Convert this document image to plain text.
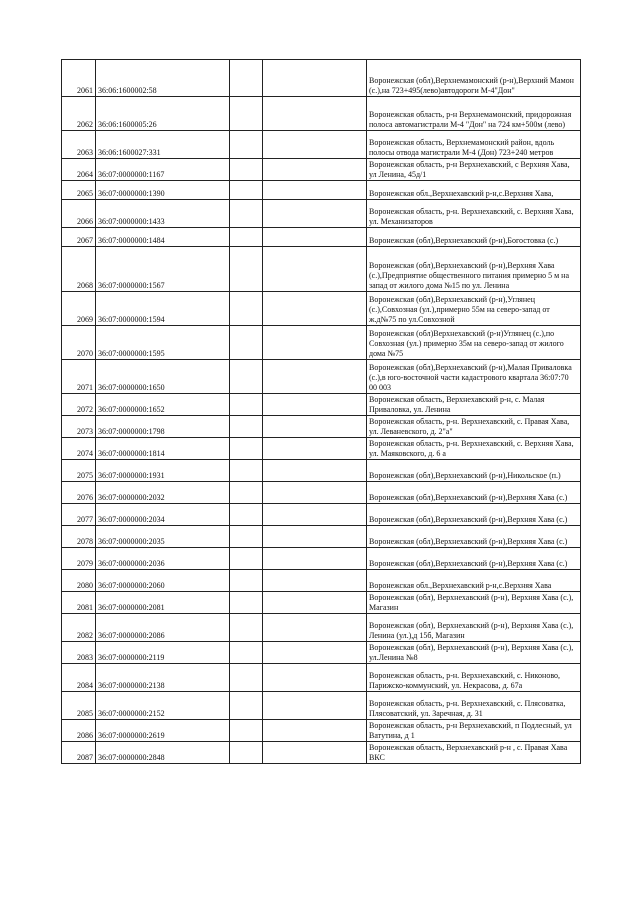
2061	36:06:1600002:58			Воронежская (обл),Верхнемамонский (р-н),Верхний Мамон (с.),на 723+495(лево)автодороги М-4"Дон"
2062	36:06:1600005:26			Воронежская область, р-н Верхнемамонский, придорожная полоса автомагистрали М-4 "Дон" на 724 км+500м (лево)
2063	36:06:1600027:331			Воронежская область, Верхнемамонский район, вдоль полосы отвода магистрали М-4 (Дон) 723+240 метров
2064	36:07:0000000:1167			Воронежская область, р-н Верхнехавский, с Верхняя Хава, ул Ленина, 45д/1
2065	36:07:0000000:1390			Воронежская обл.,Верхнехавский р-н,с.Верхняя Хава,
2066	36:07:0000000:1433			Воронежская область, р-н. Верхнехавский, с. Верхняя Хава, ул. Механизаторов
2067	36:07:0000000:1484			Воронежская (обл),Верхнехавский (р-н),Богостовка (с.)
2068	36:07:0000000:1567			Воронежская (обл),Верхнехавский (р-н),Верхняя Хава (с.),Предприятие общественного питания примерно 5 м на запад от жилого дома №15 по ул. Ленина
2069	36:07:0000000:1594			Воронежская (обл),Верхнехавский (р-н),Углянец (с.),Совхозная (ул.),примерно 55м на северо-запад от ж.д№75 по ул.Совхозной
2070	36:07:0000000:1595			Воронежская (обл)Верхнехавский (р-н)Углянец (с.),по Совхозная (ул.) примерно 35м на северо-запад от жилого дома №75
2071	36:07:0000000:1650			Воронежская (обл),Верхнехавский (р-н),Малая Приваловка (с.),в юго-восточной части кадастрового квартала 36:07:70 00 003
2072	36:07:0000000:1652			Воронежская область, Верхнехавский р-н, с. Малая Приваловка, ул. Ленина
2073	36:07:0000000:1798			Воронежская область, р-н. Верхнехавский, с. Правая Хава, ул. Леваневского, д. 2"а"
2074	36:07:0000000:1814			Воронежская область, р-н. Верхнехавский, с. Верхняя Хава, ул. Маяковского, д. 6 а
2075	36:07:0000000:1931			Воронежская (обл),Верхнехавский (р-н),Никольское (п.)
2076	36:07:0000000:2032			Воронежская (обл),Верхнехавский (р-н),Верхняя Хава (с.)
2077	36:07:0000000:2034			Воронежская (обл),Верхнехавский (р-н),Верхняя Хава (с.)
2078	36:07:0000000:2035			Воронежская (обл),Верхнехавский (р-н),Верхняя Хава (с.)
2079	36:07:0000000:2036			Воронежская (обл),Верхнехавский (р-н),Верхняя Хава (с.)
2080	36:07:0000000:2060			Воронежская обл.,Верхнехавский р-н,с.Верхняя Хава
2081	36:07:0000000:2081			Воронежская (обл), Верхнехавский (р-н), Верхняя Хава (с.), Магазин
2082	36:07:0000000:2086			Воронежская (обл), Верхнехавский (р-н), Верхняя Хава (с.), Ленина (ул.),д 15б, Магазин
2083	36:07:0000000:2119			Воронежская (обл), Верхнехавский (р-н), Верхняя Хава (с.), ул.Ленина №8
2084	36:07:0000000:2138			Воронежская область, р-н. Верхнехавский, с. Никоново, Парижско-коммунский, ул. Некрасова, д. 67а
2085	36:07:0000000:2152			Воронежская область, р-н. Верхнехавский, с. Плясоватка, Плясоватский, ул. Заречная, д. 31
2086	36:07:0000000:2619			Воронежская область, р-н Верхнехавский, п Подлесный, ул Ватутина, д 1
2087	36:07:0000000:2848			Воронежская область, Верхнехавский р-н , с. Правая Хава ВКС
